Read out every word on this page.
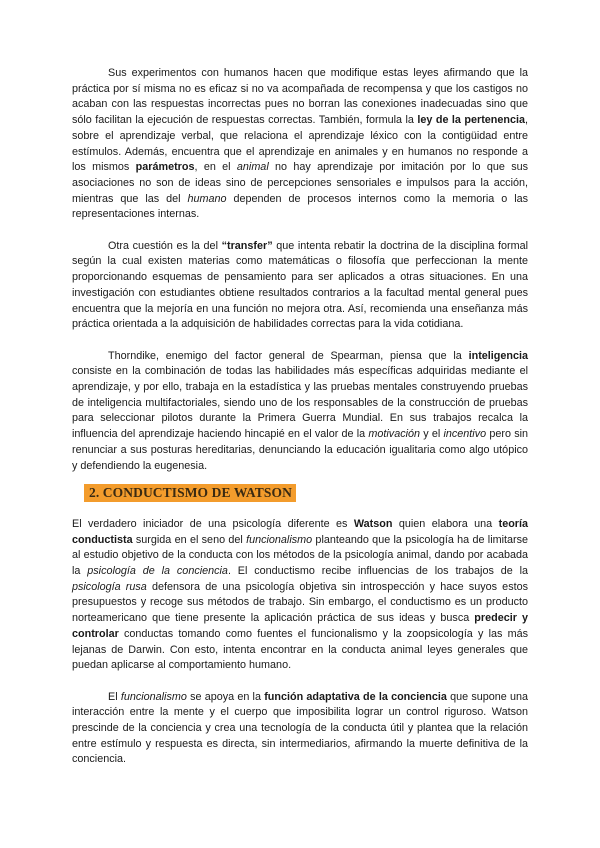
Sus experimentos con humanos hacen que modifique estas leyes afirmando que la práctica por sí misma no es eficaz si no va acompañada de recompensa y que los castigos no acaban con las respuestas incorrectas pues no borran las conexiones inadecuadas sino que sólo facilitan la ejecución de respuestas correctas. También, formula la ley de la pertenencia, sobre el aprendizaje verbal, que relaciona el aprendizaje léxico con la contigüidad entre estímulos. Además, encuentra que el aprendizaje en animales y en humanos no responde a los mismos parámetros, en el animal no hay aprendizaje por imitación por lo que sus asociaciones no son de ideas sino de percepciones sensoriales e impulsos para la acción, mientras que las del humano dependen de procesos internos como la memoria o las representaciones internas.

Otra cuestión es la del “transfer” que intenta rebatir la doctrina de la disciplina formal según la cual existen materias como matemáticas o filosofía que perfeccionan la mente proporcionando esquemas de pensamiento para ser aplicados a otras situaciones. En una investigación con estudiantes obtiene resultados contrarios a la facultad mental general pues encuentra que la mejoría en una función no mejora otra. Así, recomienda una enseñanza más práctica orientada a la adquisición de habilidades correctas para la vida cotidiana.

Thorndike, enemigo del factor general de Spearman, piensa que la inteligencia consiste en la combinación de todas las habilidades más específicas adquiridas mediante el aprendizaje, y por ello, trabaja en la estadística y las pruebas mentales construyendo pruebas de inteligencia multifactoriales, siendo uno de los responsables de la construcción de pruebas para seleccionar pilotos durante la Primera Guerra Mundial. En sus trabajos recalca la influencia del aprendizaje haciendo hincapié en el valor de la motivación y el incentivo pero sin renunciar a sus posturas hereditarias, denunciando la educación igualitaria como algo utópico y defendiendo la eugenesia.

2. CONDUCTISMO DE WATSON

El verdadero iniciador de una psicología diferente es Watson quien elabora una teoría conductista surgida en el seno del funcionalismo planteando que la psicología ha de limitarse al estudio objetivo de la conducta con los métodos de la psicología animal, dando por acabada la psicología de la conciencia. El conductismo recibe influencias de los trabajos de la psicología rusa defensora de una psicología objetiva sin introspección y hace suyos estos presupuestos y recoge sus métodos de trabajo. Sin embargo, el conductismo es un producto norteamericano que tiene presente la aplicación práctica de sus ideas y busca predecir y controlar conductas tomando como fuentes el funcionalismo y la zoopsicología y las más lejanas de Darwin. Con esto, intenta encontrar en la conducta animal leyes generales que puedan aplicarse al comportamiento humano.

El funcionalismo se apoya en la función adaptativa de la conciencia que supone una interacción entre la mente y el cuerpo que imposibilita lograr un control riguroso. Watson prescinde de la conciencia y crea una tecnología de la conducta útil y plantea que la relación entre estímulo y respuesta es directa, sin intermediarios, afirmando la muerte definitiva de la conciencia.
